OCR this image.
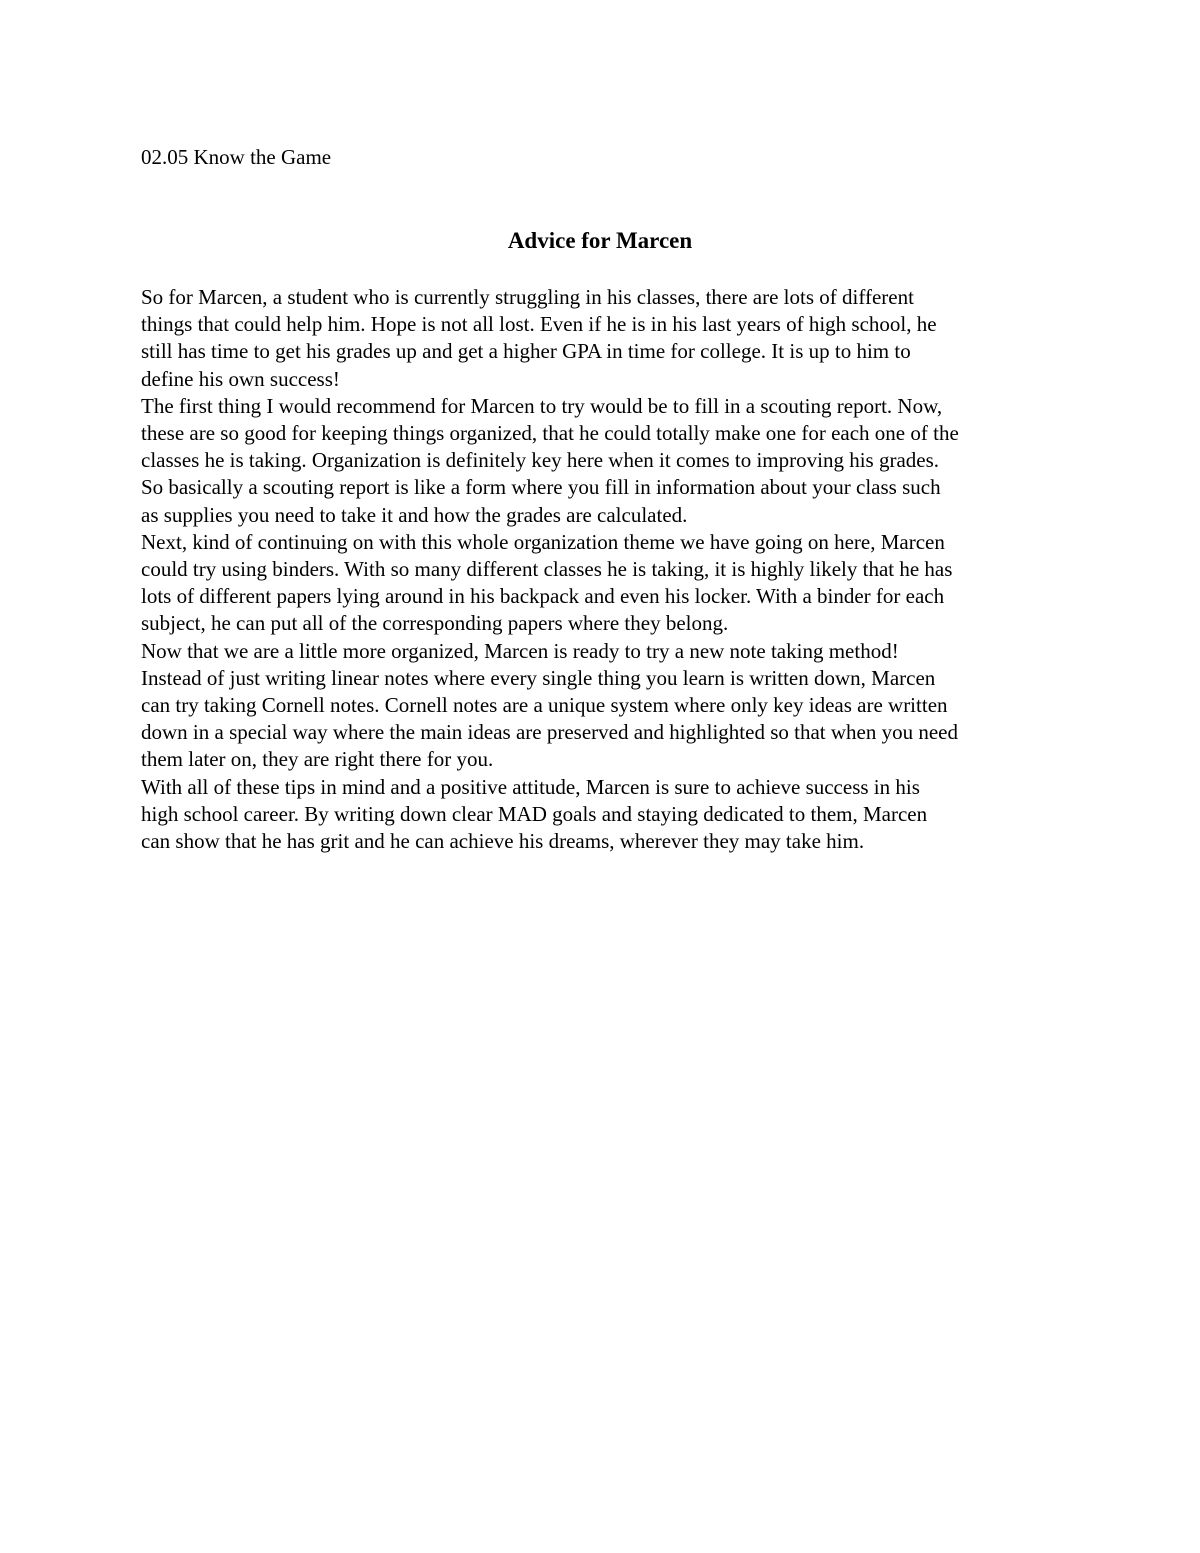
02.05 Know the Game
Advice for Marcen
So for Marcen, a student who is currently struggling in his classes, there are lots of different
things that could help him. Hope is not all lost. Even if he is in his last years of high school, he
still has time to get his grades up and get a higher GPA in time for college. It is up to him to
define his own success!
The first thing I would recommend for Marcen to try would be to fill in a scouting report. Now,
these are so good for keeping things organized, that he could totally make one for each one of the
classes he is taking. Organization is definitely key here when it comes to improving his grades.
So basically a scouting report is like a form where you fill in information about your class such
as supplies you need to take it and how the grades are calculated.
Next, kind of continuing on with this whole organization theme we have going on here, Marcen
could try using binders. With so many different classes he is taking, it is highly likely that he has
lots of different papers lying around in his backpack and even his locker. With a binder for each
subject, he can put all of the corresponding papers where they belong.
Now that we are a little more organized, Marcen is ready to try a new note taking method!
Instead of just writing linear notes where every single thing you learn is written down, Marcen
can try taking Cornell notes. Cornell notes are a unique system where only key ideas are written
down in a special way where the main ideas are preserved and highlighted so that when you need
them later on, they are right there for you.
With all of these tips in mind and a positive attitude, Marcen is sure to achieve success in his
high school career. By writing down clear MAD goals and staying dedicated to them, Marcen
can show that he has grit and he can achieve his dreams, wherever they may take him.
